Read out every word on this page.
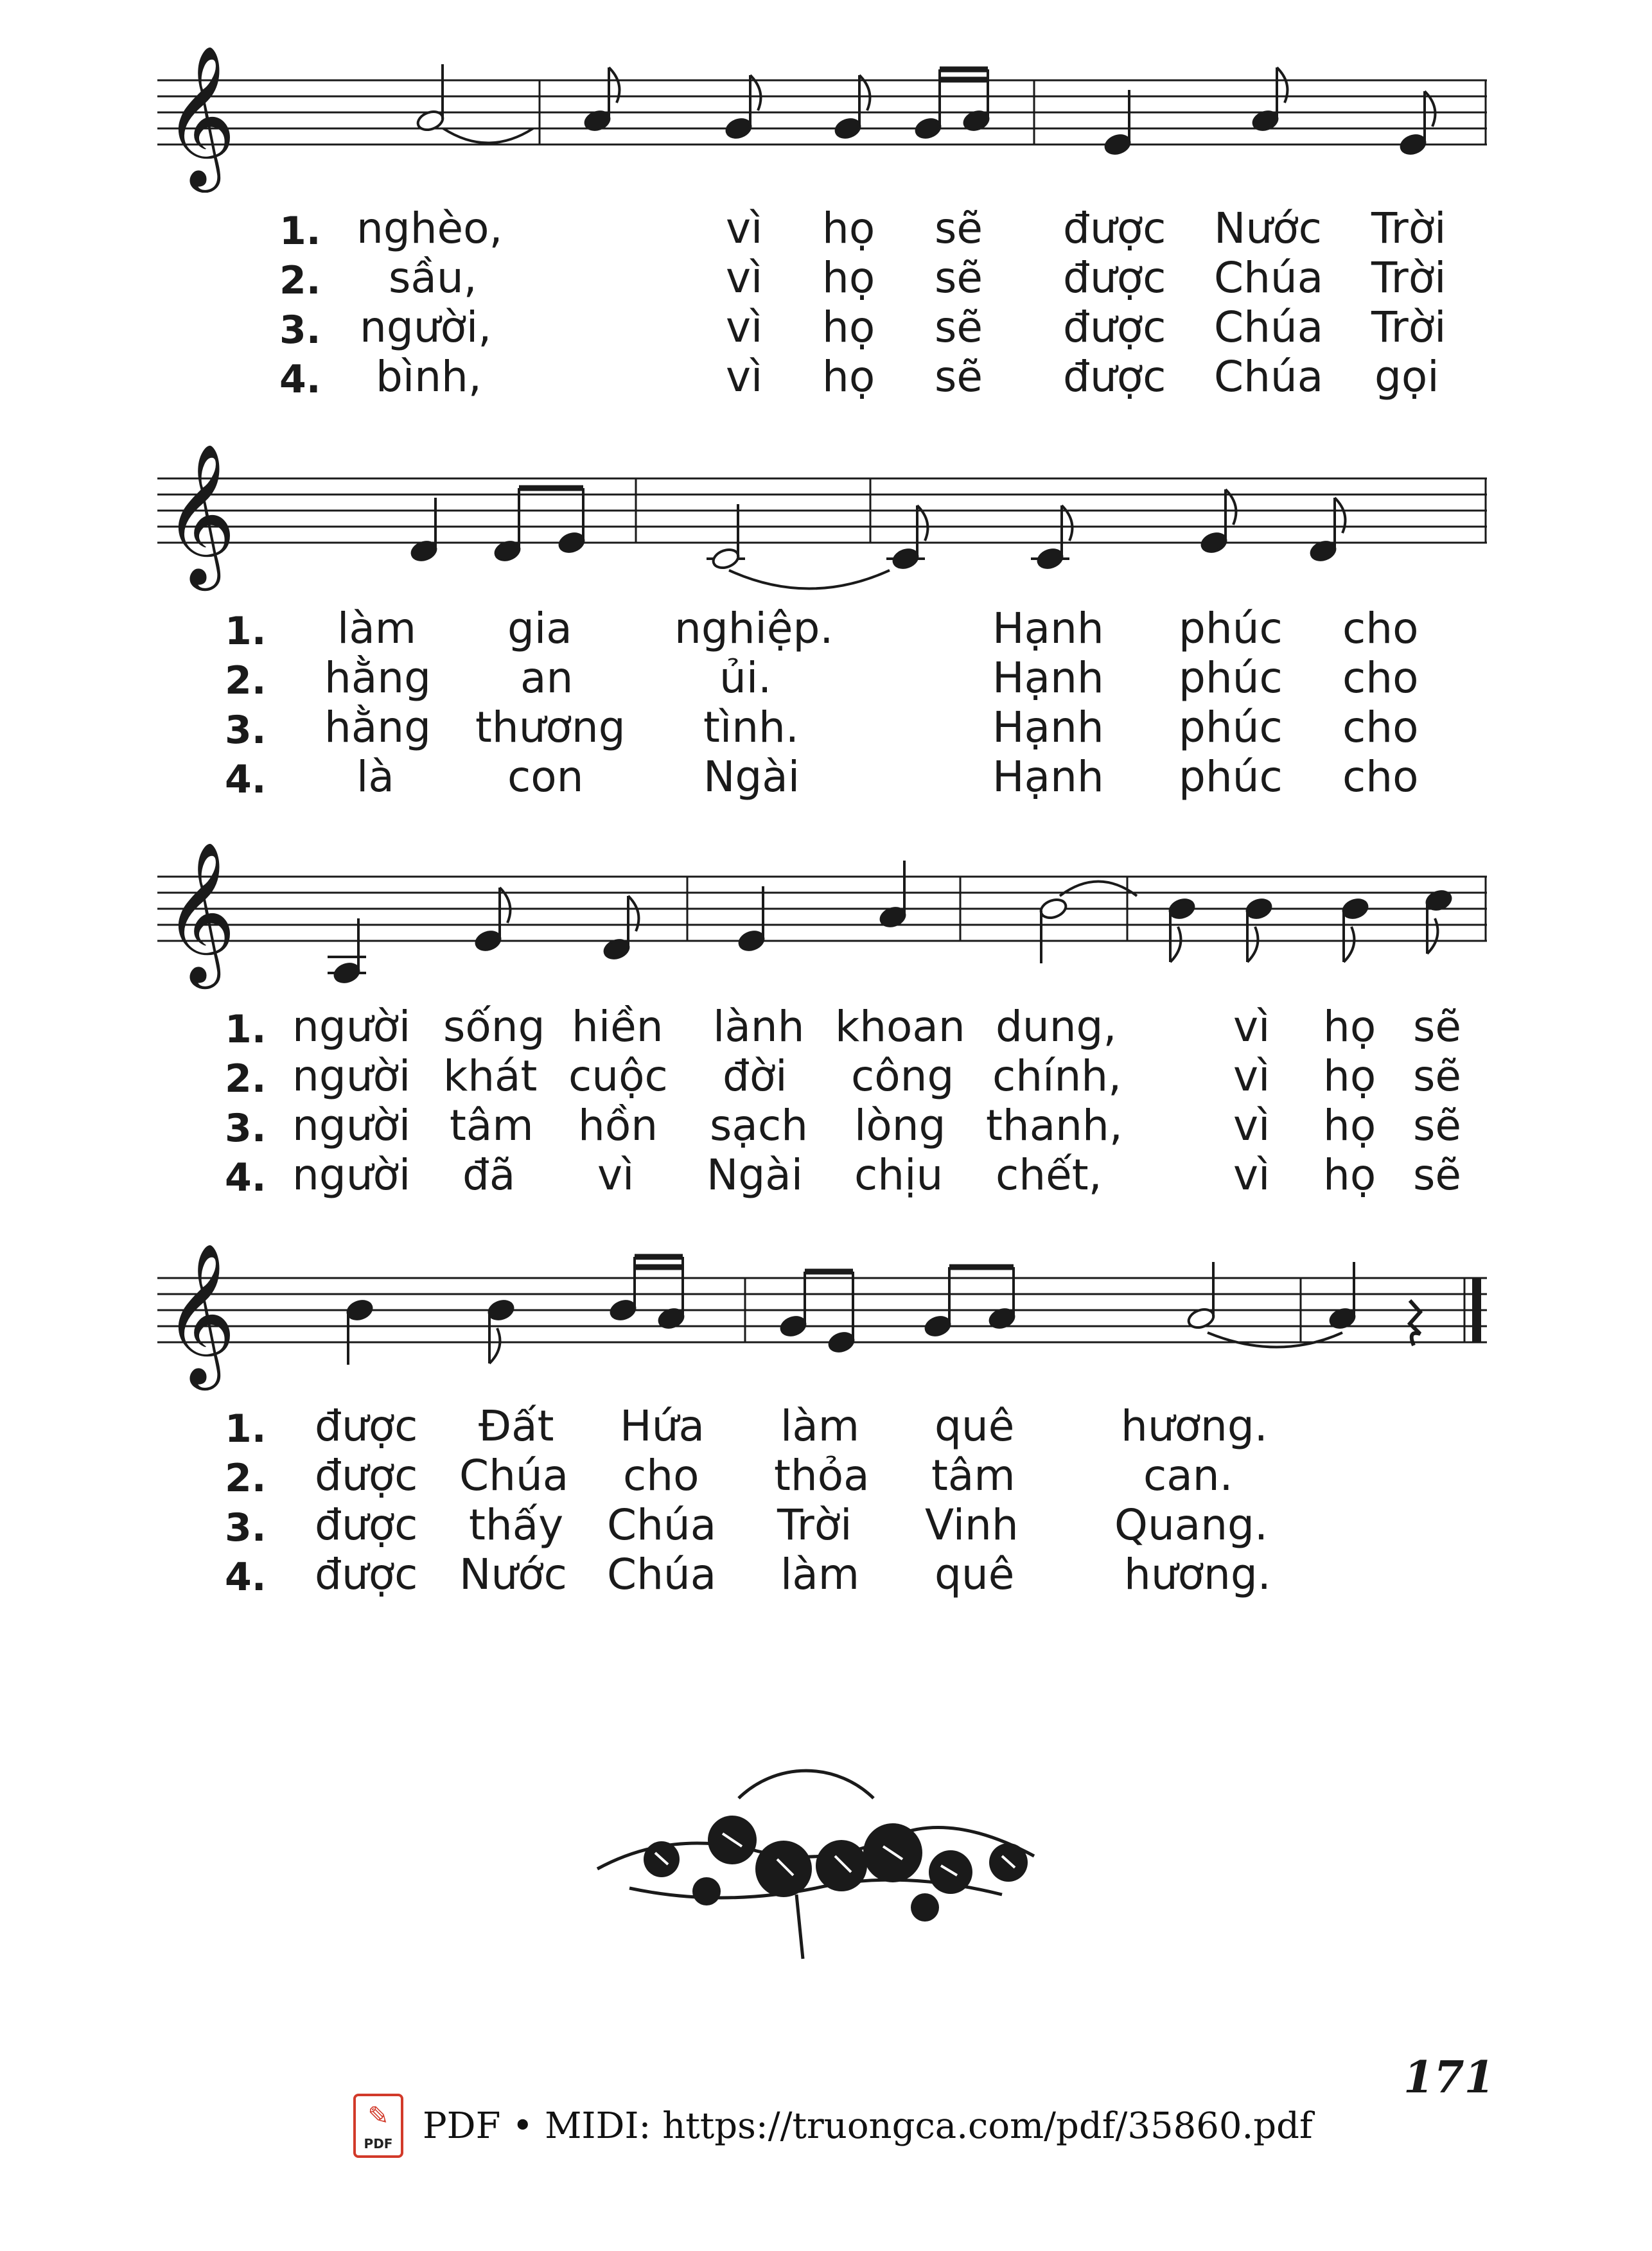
𝄞
1. nghèo,	vì họ sẽ được Nước Trời
2. sầu,	vì họ sẽ được Chúa Trời
3. người,	vì họ sẽ được Chúa Trời
4. bình,	vì họ sẽ được Chúa gọi
𝄞
1. làm gia nghiệp.	Hạnh phúc cho
2. hằng an	ủi.	Hạnh phúc cho
3. hằng thương tình.	Hạnh phúc cho
4. là	con	Ngài	Hạnh phúc cho
𝄞
1. người sống hiền lành khoan dung,	vì họ sẽ
2. người khát cuộc đời công chính,	vì họ sẽ
3. người tâm hồn sạch lòng thanh,	vì họ sẽ
4. người đã vì Ngài chịu chết,	vì họ sẽ
𝄞
1. được Đất Hứa làm quê	hương.
2. được Chúa cho thỏa tâm	can.
3. được thấy Chúa Trời Vinh Quang.
4. được Nước Chúa làm quê	hương.
171
✎
PDF PDF • MIDI: https://truongca.com/pdf/35860.pdf
